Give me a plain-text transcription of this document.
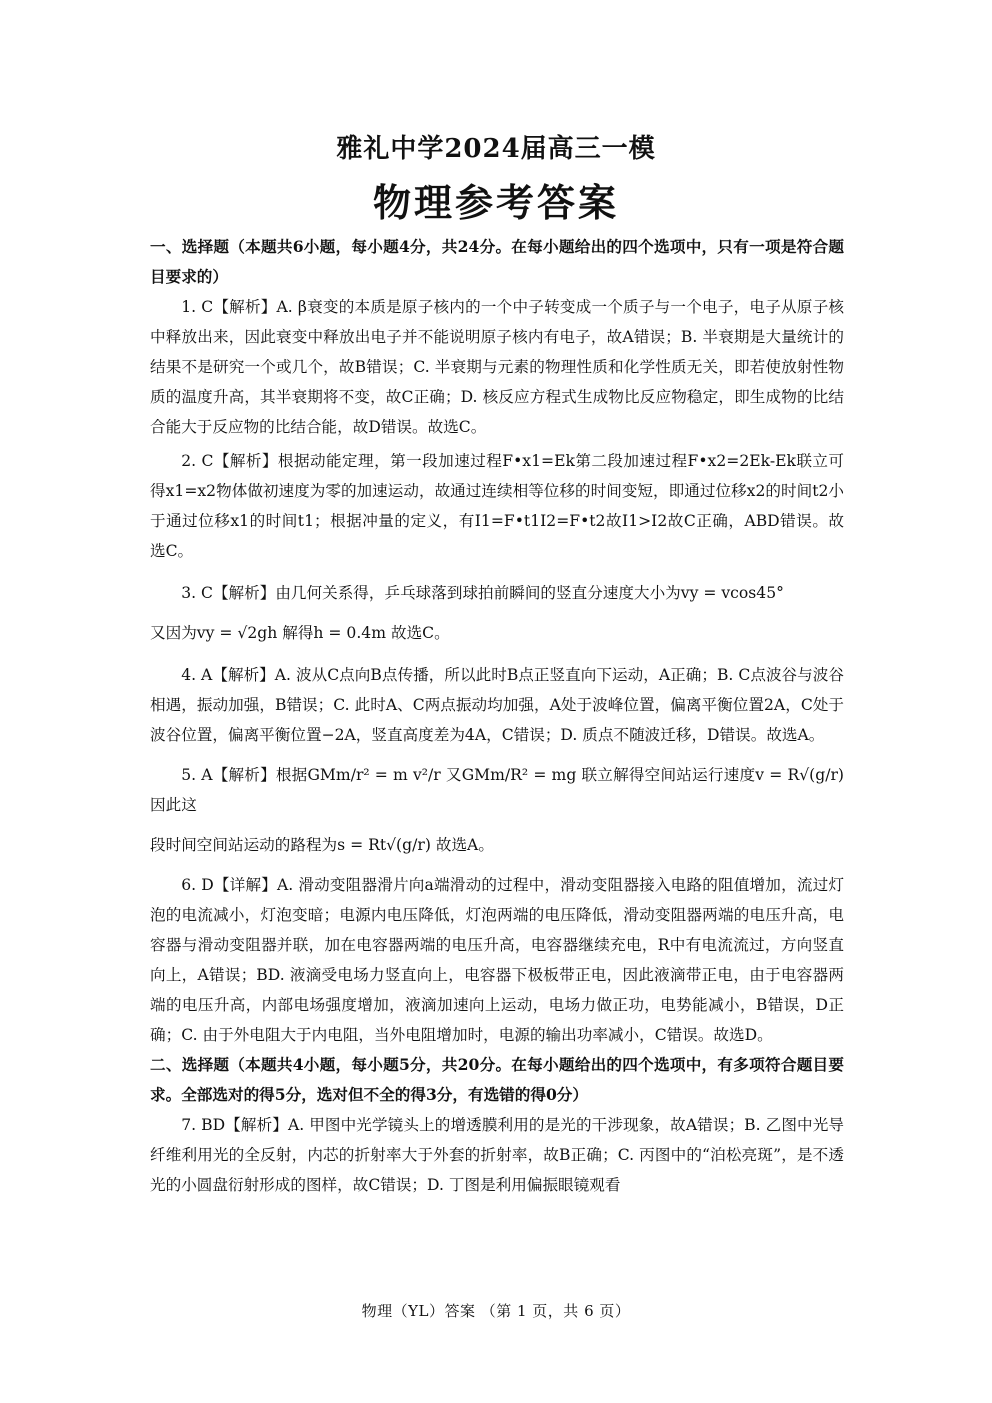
雅礼中学2024届高三一模
物理参考答案
一、选择题（本题共6小题，每小题4分，共24分。在每小题给出的四个选项中，只有一项是符合题目要求的）
1. C【解析】A. β衰变的本质是原子核内的一个中子转变成一个质子与一个电子，电子从原子核中释放出来，因此衰变中释放出电子并不能说明原子核内有电子，故A错误；B. 半衰期是大量统计的结果不是研究一个或几个，故B错误；C. 半衰期与元素的物理性质和化学性质无关，即若使放射性物质的温度升高，其半衰期将不变，故C正确；D. 核反应方程式生成物比反应物稳定，即生成物的比结合能大于反应物的比结合能，故D错误。故选C。
2. C【解析】根据动能定理，第一段加速过程F•x1=Ek第二段加速过程F•x2=2Ek-Ek联立可得x1=x2物体做初速度为零的加速运动，故通过连续相等位移的时间变短，即通过位移x2的时间t2小于通过位移x1的时间t1；根据冲量的定义，有I1=F•t1I2=F•t2故I1>I2故C正确，ABD错误。故选C。
3. C【解析】由几何关系得，乒乓球落到球拍前瞬间的竖直分速度大小为vy = vcos45°
又因为vy = √2gh 解得h = 0.4m 故选C。
4. A【解析】A. 波从C点向B点传播，所以此时B点正竖直向下运动，A正确；B. C点波谷与波谷相遇，振动加强，B错误；C. 此时A、C两点振动均加强，A处于波峰位置，偏离平衡位置2A，C处于波谷位置，偏离平衡位置−2A，竖直高度差为4A，C错误；D. 质点不随波迁移，D错误。故选A。
5. A【解析】根据GMm/r² = m v²/r 又GMm/R² = mg 联立解得空间站运行速度v = R√(g/r) 因此这
段时间空间站运动的路程为s = Rt√(g/r) 故选A。
6. D【详解】A. 滑动变阻器滑片向a端滑动的过程中，滑动变阻器接入电路的阻值增加，流过灯泡的电流减小，灯泡变暗；电源内电压降低，灯泡两端的电压降低，滑动变阻器两端的电压升高，电容器与滑动变阻器并联，加在电容器两端的电压升高，电容器继续充电，R中有电流流过，方向竖直向上，A错误；BD. 液滴受电场力竖直向上，电容器下极板带正电，因此液滴带正电，由于电容器两端的电压升高，内部电场强度增加，液滴加速向上运动，电场力做正功，电势能减小，B错误，D正确；C. 由于外电阻大于内电阻，当外电阻增加时，电源的输出功率减小，C错误。故选D。
二、选择题（本题共4小题，每小题5分，共20分。在每小题给出的四个选项中，有多项符合题目要求。全部选对的得5分，选对但不全的得3分，有选错的得0分）
7. BD【解析】A. 甲图中光学镜头上的增透膜利用的是光的干涉现象，故A错误；B. 乙图中光导纤维利用光的全反射，内芯的折射率大于外套的折射率，故B正确；C. 丙图中的“泊松亮斑”，是不透光的小圆盘衍射形成的图样，故C错误；D. 丁图是利用偏振眼镜观看
物理（YL）答案 （第 1 页，共 6 页）
